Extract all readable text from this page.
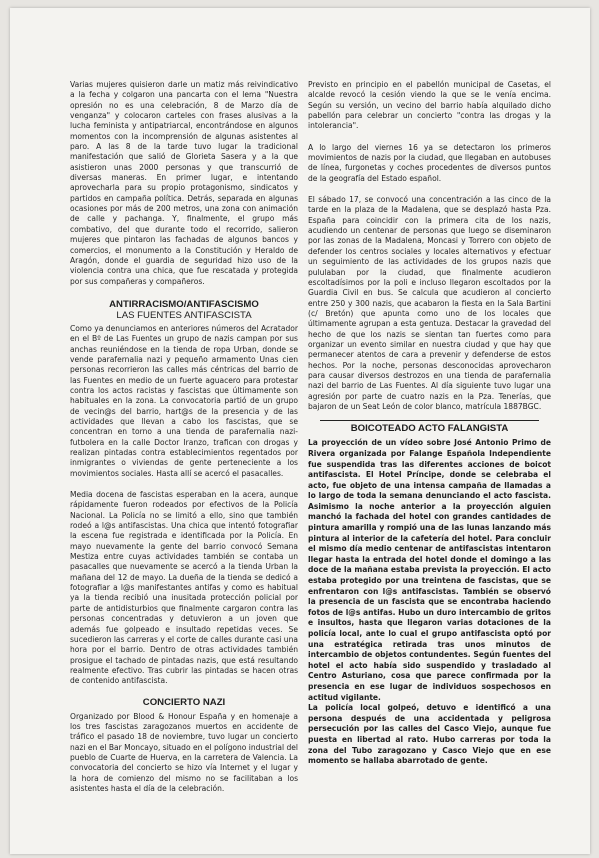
Varias mujeres quisieron darle un matiz más reivindicativo a la fecha y colgaron una pancarta con el lema "Nuestra opresión no es una celebración, 8 de Marzo día de venganza" y colocaron carteles con frases alusivas a la lucha feminista y antipatriarcal, encontrándose en algunos momentos con la incomprensión de algunas asistentes al paro. A las 8 de la tarde tuvo lugar la tradicional manifestación que salió de Glorieta Sasera y a la que asistieron unas 2000 personas y que transcurrió de diversas maneras. En primer lugar, e intentando aprovecharla para su propio protagonismo, sindicatos y partidos en campaña política. Detrás, separada en algunas ocasiones por más de 200 metros, una zona con animación de calle y pachanga. Y, finalmente, el grupo más combativo, del que durante todo el recorrido, salieron mujeres que pintaron las fachadas de algunos bancos y comercios, el monumento a la Constitución y Heraldo de Aragón, donde el guardia de seguridad hizo uso de la violencia contra una chica, que fue rescatada y protegida por sus compañeras y compañeros.

ANTIRRACISMO/ANTIFASCISMO
LAS FUENTES ANTIFASCISTA

Como ya denunciamos en anteriores números del Acratador en el Bº de Las Fuentes un grupo de nazis campan por sus anchas reuniéndose en la tienda de ropa Urban, donde se vende parafernalia nazi y pequeño armamento Unas cien personas recorrieron las calles más céntricas del barrio de las Fuentes en medio de un fuerte aguacero para protestar contra los actos racistas y fascistas que últimamente son habituales en la zona. La convocatoria partió de un grupo de vecin@s del barrio, hart@s de la presencia y de las actividades que llevan a cabo los fascistas, que se concentran en torno a una tienda de parafernalia nazi-futbolera en la calle Doctor Iranzo, trafican con drogas y realizan pintadas contra establecimientos regentados por inmigrantes o viviendas de gente perteneciente a los movimientos sociales. Hasta allí se acercó el pasacalles.

Media docena de fascistas esperaban en la acera, aunque rápidamente fueron rodeados por efectivos de la Policía Nacional. La Policía no se limitó a ello, sino que también rodeó a l@s antifascistas. Una chica que intentó fotografiar la escena fue registrada e identificada por la Policía. En mayo nuevamente la gente del barrio convocó Semana Mestiza entre cuyas actividades también se contaba un pasacalles que nuevamente se acercó a la tienda Urban la mañana del 12 de mayo. La dueña de la tienda se dedicó a fotografiar a l@s manifestantes antifas y como es habitual ya la tienda recibió una inusitada protección policial por parte de antidisturbios que finalmente cargaron contra las personas concentradas y detuvieron a un joven que además fue golpeado e insultado repetidas veces. Se sucedieron las carreras y el corte de calles durante casi una hora por el barrio. Dentro de otras actividades también prosigue el tachado de pintadas nazis, que está resultando realmente efectivo. Tras cubrir las pintadas se hacen otras de contenido antifascista.

CONCIERTO NAZI

Organizado por Blood & Honour España y en homenaje a los tres fascistas zaragozanos muertos en accidente de tráfico el pasado 18 de noviembre, tuvo lugar un concierto nazi en el Bar Moncayo, situado en el polígono industrial del pueblo de Cuarte de Huerva, en la carretera de Valencia. La convocatoria del concierto se hizo vía Internet y el lugar y la hora de comienzo del mismo no se facilitaban a los asistentes hasta el día de la celebración.

Previsto en principio en el pabellón municipal de Casetas, el alcalde revocó la cesión viendo la que se le venía encima. Según su versión, un vecino del barrio había alquilado dicho pabellón para celebrar un concierto "contra las drogas y la intolerancia".

A lo largo del viernes 16 ya se detectaron los primeros movimientos de nazis por la ciudad, que llegaban en autobuses de línea, furgonetas y coches procedentes de diversos puntos de la geografía del Estado español.

El sábado 17, se convocó una concentración a las cinco de la tarde en la plaza de la Madalena, que se desplazó hasta Pza. España para coincidir con la primera cita de los nazis, acudiendo un centenar de personas que luego se diseminaron por las zonas de la Madalena, Moncasi y Torrero con objeto de defender los centros sociales y locales alternativos y efectuar un seguimiento de las actividades de los grupos nazis que pululaban por la ciudad, que finalmente acudieron escoltadísimos por la poli e incluso llegaron escoltados por la Guardia Civil en bus. Se calcula que acudieron al concierto entre 250 y 300 nazis, que acabaron la fiesta en la Sala Bartini (c/ Bretón) que apunta como uno de los locales que últimamente agrupan a esta gentuza. Destacar la gravedad del hecho de que los nazis se sientan tan fuertes como para organizar un evento similar en nuestra ciudad y que hay que permanecer atentos de cara a prevenir y defenderse de estos hechos. Por la noche, personas desconocidas aprovecharon para causar diversos destrozos en una tienda de parafernalia nazi del barrio de Las Fuentes. Al día siguiente tuvo lugar una agresión por parte de cuatro nazis en la Pza. Tenerías, que bajaron de un Seat León de color blanco, matrícula 1887BGC.

BOICOTEADO ACTO FALANGISTA

La proyección de un vídeo sobre José Antonio Primo de Rivera organizada por Falange Española Independiente fue suspendida tras las diferentes acciones de boicot antifascista. El Hotel Príncipe, donde se celebraba el acto, fue objeto de una intensa campaña de llamadas a lo largo de toda la semana denunciando el acto fascista. Asimismo la noche anterior a la proyección alguien manchó la fachada del hotel con grandes cantidades de pintura amarilla y rompió una de las lunas lanzando más pintura al interior de la cafetería del hotel. Para concluir el mismo día medio centenar de antifascistas intentaron llegar hasta la entrada del hotel donde el domingo a las doce de la mañana estaba prevista la proyección. El acto estaba protegido por una treintena de fascistas, que se enfrentaron con l@s antifascistas. También se observó la presencia de un fascista que se encontraba haciendo fotos de l@s antifas. Hubo un duro intercambio de gritos e insultos, hasta que llegaron varias dotaciones de la policía local, ante lo cual el grupo antifascista optó por una estratégica retirada tras unos minutos de intercambio de objetos contundentes. Según fuentes del hotel el acto había sido suspendido y trasladado al Centro Asturiano, cosa que parece confirmada por la presencia en ese lugar de individuos sospechosos en actitud vigilante.

La policía local golpeó, detuvo e identificó a una persona después de una accidentada y peligrosa persecución por las calles del Casco Viejo, aunque fue puesta en libertad al rato. Hubo carreras por toda la zona del Tubo zaragozano y Casco Viejo que en ese momento se hallaba abarrotado de gente.
